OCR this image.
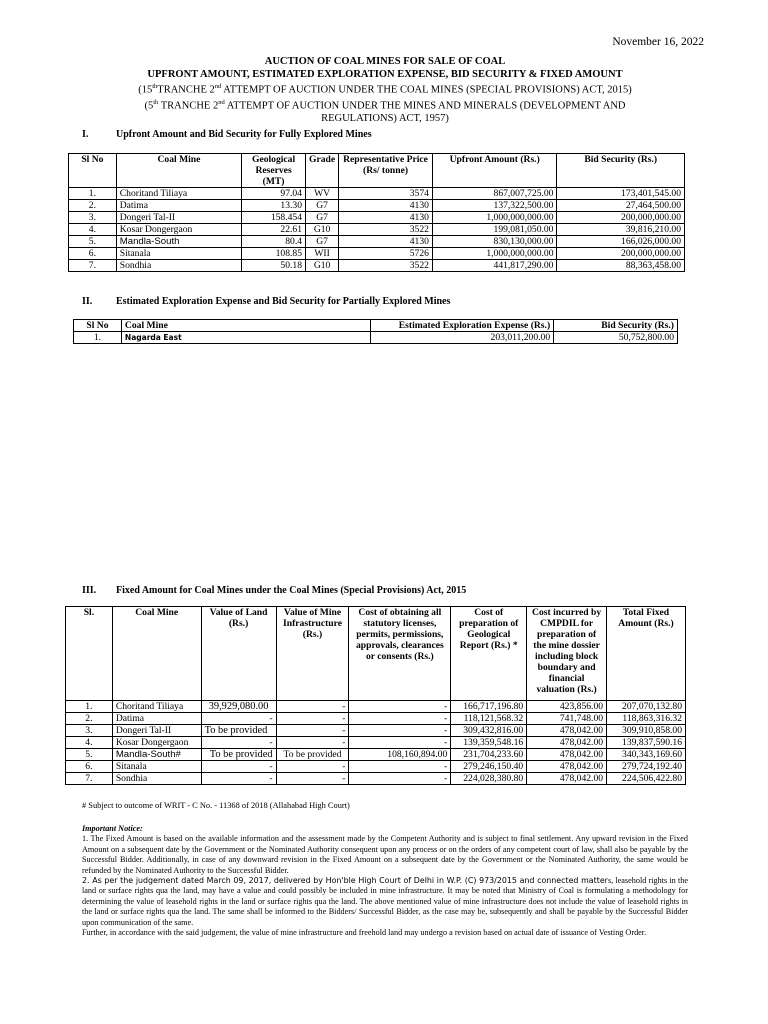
November 16, 2022
AUCTION OF COAL MINES FOR SALE OF COAL
UPFRONT AMOUNT, ESTIMATED EXPLORATION EXPENSE, BID SECURITY & FIXED AMOUNT
(15thTRANCHE 2nd ATTEMPT OF AUCTION UNDER THE COAL MINES (SPECIAL PROVISIONS) ACT, 2015)
(5th TRANCHE 2nd ATTEMPT OF AUCTION UNDER THE MINES AND MINERALS (DEVELOPMENT AND
REGULATIONS) ACT, 1957)
I.	Upfront Amount and Bid Security for Fully Explored Mines
Sl No	Coal Mine	Geological Reserves (MT)	Grade	Representative Price (Rs/ tonne)	Upfront Amount (Rs.)	Bid Security (Rs.)
1.	Choritand Tiliaya	97.04	WV	3574	867,007,725.00	173,401,545.00
2.	Datima	13.30	G7	4130	137,322,500.00	27,464,500.00
3.	Dongeri Tal-II	158.454	G7	4130	1,000,000,000.00	200,000,000.00
4.	Kosar Dongergaon	22.61	G10	3522	199,081,050.00	39,816,210.00
5.	Mandla-South	80.4	G7	4130	830,130,000.00	166,026,000.00
6.	Sitanala	108.85	WII	5726	1,000,000,000.00	200,000,000.00
7.	Sondhia	50.18	G10	3522	441,817,290.00	88,363,458.00
II. Estimated Exploration Expense and Bid Security for Partially Explored Mines
Sl No	Coal Mine	Estimated Exploration Expense (Rs.)	Bid Security (Rs.)
1.	Nagarda East	203,011,200.00	50,752,800.00
III. Fixed Amount for Coal Mines under the Coal Mines (Special Provisions) Act, 2015
Sl.	Coal Mine	Value of Land (Rs.)	Value of Mine Infrastructure (Rs.)	Cost of obtaining all statutory licenses, permits, permissions, approvals, clearances or consents (Rs.)	Cost of preparation of Geological Report (Rs.) *	Cost incurred by CMPDIL for preparation of the mine dossier including block boundary and financial valuation (Rs.)	Total Fixed Amount (Rs.)
1.	Choritand Tiliaya	39,929,080.00	-	-	166,717,196.80	423,856.00	207,070,132.80
2.	Datima	-	-	-	118,121,568.32	741,748.00	118,863,316.32
3.	Dongeri Tal-II	To be provided	-	-	309,432,816.00	478,042.00	309,910,858.00
4.	Kosar Dongergaon	-	-	-	139,359,548.16	478,042.00	139,837,590.16
5.	Mandla-South#	To be provided	To be provided	108,160,894.00	231,704,233.60	478,042.00	340,343,169.60
6.	Sitanala	-	-	-	279,246,150.40	478,042.00	279,724,192.40
7.	Sondhia	-	-	-	224,028,380.80	478,042.00	224,506,422.80
# Subject to outcome of WRIT - C No. - 11368 of 2018 (Allahabad High Court)
Important Notice:
1. The Fixed Amount is based on the available information and the assessment made by the Competent Authority and is subject to final settlement. Any upward revision in the Fixed Amount on a subsequent date by the Government or the Nominated Authority consequent upon any process or on the orders of any competent court of law, shall also be payable by the Successful Bidder. Additionally, in case of any downward revision in the Fixed Amount on a subsequent date by the Government or the Nominated Authority, the same would be refunded by the Nominated Authority to the Successful Bidder.
2. As per the judgement dated March 09, 2017, delivered by Hon'ble High Court of Delhi in W.P. (C) 973/2015 and connected matters, leasehold rights in the land or surface rights qua the land, may have a value and could possibly be included in mine infrastructure. It may be noted that Ministry of Coal is formulating a methodology for determining the value of leasehold rights in the land or surface rights qua the land. The above mentioned value of mine infrastructure does not include the value of leasehold rights in the land or surface rights qua the land. The same shall be informed to the Bidders/ Successful Bidder, as the case may be, subsequently and shall be payable by the Successful Bidder upon communication of the same.
Further, in accordance with the said judgement, the value of mine infrastructure and freehold land may undergo a revision based on actual date of issuance of Vesting Order.
